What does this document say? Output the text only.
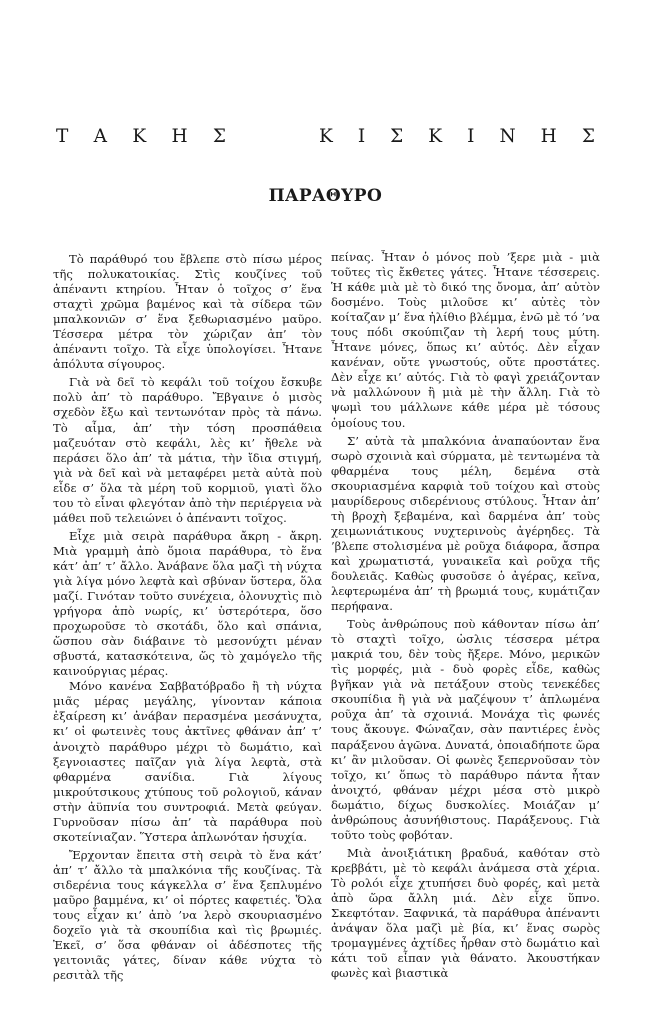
Τ Α Κ Η Σ	Κ Ι Σ Κ Ι Ν Η Σ
ΠΑΡΑΘΥΡΟ

Τὸ παράθυρό του ἔβλεπε στὸ πίσω μέρος τῆς πολυκατοικίας. Στὶς κουζίνες τοῦ ἀπέναντι κτηρίου. Ἦταν ὁ τοῖχος σ’ ἕνα σταχτὶ χρῶμα βαμένος καὶ τὰ σίδερα τῶν μπαλκονιῶν σ’ ἕνα ξεθωριασμένο μαῦρο. Τέσσερα μέτρα τὸν χώριζαν ἀπ’ τὸν ἀπέναντι τοῖχο. Τὰ εἶχε ὑπολογίσει. Ἦτανε ἀπόλυτα σίγουρος.

Γιὰ νὰ δεῖ τὸ κεφάλι τοῦ τοίχου ἔσκυβε πολὺ ἀπ’ τὸ παράθυρο. Ἔβγαινε ὁ μισὸς σχεδὸν ἔξω καὶ τεντωνόταν πρὸς τὰ πάνω. Τὸ αἷμα, ἀπ’ τὴν τόση προσπάθεια μαζευόταν στὸ κεφάλι, λὲς κι’ ἤθελε νὰ περάσει ὅλο ἀπ’ τὰ μάτια, τὴν ἴδια στιγμή, γιὰ νὰ δεῖ καὶ νὰ μεταφέρει μετὰ αὐτὰ ποὺ εἶδε σ’ ὅλα τὰ μέρη τοῦ κορμιοῦ, γιατὶ ὅλο του τὸ εἶναι φλεγόταν ἀπὸ τὴν περιέργεια νὰ μάθει ποῦ τελειώνει ὁ ἀπέναντι τοῖχος.

Εἶχε μιὰ σειρὰ παράθυρα ἄκρη - ἄκρη. Μιὰ γραμμὴ ἀπὸ ὅμοια παράθυρα, τὸ ἕνα κάτ’ ἀπ’ τ’ ἄλλο. Ἀνάβανε ὅλα μαζὶ τὴ νύχτα γιὰ λίγα μόνο λεφτὰ καὶ σβύναν ὕστερα, ὅλα μαζί. Γινόταν τοῦτο συνέχεια, ὁλονυχτὶς πιὸ γρήγορα ἀπὸ νωρίς, κι’ ὑστερότερα, ὅσο προχωροῦσε τὸ σκοτάδι, ὅλο καὶ σπάνια, ὥσπου σὰν διάβαινε τὸ μεσονύχτι μέναν σβυστά, κατασκότεινα, ὥς τὸ χαμόγελο τῆς καινούργιας μέρας.

Μόνο κανένα Σαββατόβραδο ἢ τὴ νύχτα μιᾶς μέρας μεγάλης, γίνονταν κάποια ἐξαίρεση κι’ ἀνάβαν περασμένα μεσάνυχτα, κι’ οἱ φωτεινὲς τους ἀκτῖνες φθάναν ἀπ’ τ’ ἀνοιχτὸ παράθυρο μέχρι τὸ δωμάτιο, καὶ ξεγνοιαστες παῖζαν γιὰ λίγα λεφτὰ, στὰ φθαρμένα σανίδια. Γιὰ λίγους μικρούτσικους χτύπους τοῦ ρολογιοῦ, κάναν στὴν ἀϋπνία του συντροφιά. Μετὰ φεύγαν. Γυρνοῦσαν πίσω ἀπ’ τὰ παράθυρα ποὺ σκοτείνιαζαν. Ὕστερα ἀπλωνόταν ἡσυχία.

Ἔρχονταν ἔπειτα στὴ σειρὰ τὸ ἕνα κάτ’ ἀπ’ τ’ ἄλλο τὰ μπαλκόνια τῆς κουζίνας. Τὰ σιδερένια τους κάγκελλα σ’ ἕνα ξεπλυμένο μαῦρο βαμμένα, κι’ οἱ πόρτες καφετιές. Ὅλα τους εἶχαν κι’ ἀπὸ ’να λερὸ σκουριασμένο δοχεῖο γιὰ τὰ σκουπίδια καὶ τὶς βρωμιές. Ἐκεῖ, σ’ ὅσα φθάναν οἱ ἀδέσποτες τῆς γειτονιᾶς γάτες, δίναν κάθε νύχτα τὸ ρεσιτὰλ τῆς

πείνας. Ἦταν ὁ μόνος ποὺ ’ξερε μιὰ - μιὰ τοῦτες τὶς ἔκθετες γάτες. Ἦτανε τέσσερεις. Ἡ κάθε μιὰ μὲ τὸ δικό της ὄνομα, ἀπ’ αὐτὸν δοσμένο. Τοὺς μιλοῦσε κι’ αὐτὲς τὸν κοίταζαν μ’ ἕνα ἠλίθιο βλέμμα, ἐνῶ μὲ τό ’να τους πόδι σκούπιζαν τὴ λερή τους μύτη. Ἦτανε μόνες, ὅπως κι’ αὐτός. Δὲν εἶχαν κανέναν, οὔτε γνωστούς, οὔτε προστάτες. Δὲν εἶχε κι’ αὐτός. Γιὰ τὸ φαγὶ χρειάζονταν νὰ μαλλώνουν ἢ μιὰ μὲ τὴν ἄλλη. Γιὰ τὸ ψωμὶ του μάλλωνε κάθε μέρα μὲ τόσους ὁμοίους του.

Σ’ αὐτὰ τὰ μπαλκόνια ἀναπαύονταν ἕνα σωρὸ σχοινιὰ καὶ σύρματα, μὲ τεντωμένα τὰ φθαρμένα τους μέλη, δεμένα στὰ σκουριασμένα καρφιὰ τοῦ τοίχου καὶ στοὺς μαυρίδερους σιδερένιους στύλους. Ἦταν ἀπ’ τὴ βροχὴ ξεβαμένα, καὶ δαρμένα ἀπ’ τοὺς χειμωνιάτικους νυχτερινοὺς ἀγέρηδες. Τὰ ’βλεπε στολισμένα μὲ ροῦχα διάφορα, ἄσπρα καὶ χρωματιστά, γυναικεῖα καὶ ροῦχα τῆς δουλειᾶς. Καθὼς φυσοῦσε ὁ ἀγέρας, κεῖνα, λεφτερωμένα ἀπ’ τὴ βρωμιά τους, κυμάτιζαν περήφανα.

Τοὺς ἀνθρώπους ποὺ κάθονταν πίσω ἀπ’ τὸ σταχτὶ τοῖχο, ὡσλις τέσσερα μέτρα μακριά του, δὲν τοὺς ἤξερε. Μόνο, μερικῶν τὶς μορφές, μιὰ - δυὸ φορὲς εἶδε, καθὼς βγῆκαν γιὰ νὰ πετάξουν στοὺς τενεκέδες σκουπίδια ἢ γιὰ νὰ μαζέψουν τ’ ἁπλωμένα ροῦχα ἀπ’ τὰ σχοινιά. Μονάχα τὶς φωνές τους ἄκουγε. Φώναζαν, σὰν παντιέρες ἑνὸς παράξενου ἀγῶνα. Δυνατά, ὁποιαδήποτε ὥρα κι’ ἂν μιλοῦσαν. Οἱ φωνὲς ξεπερνοῦσαν τὸν τοῖχο, κι’ ὅπως τὸ παράθυρο πάντα ἦταν ἀνοιχτό, φθάναν μέχρι μέσα στὸ μικρὸ δωμάτιο, δίχως δυσκολίες. Μοιάζαν μ’ ἀνθρώπους ἀσυνήθιστους. Παράξενους. Γιὰ τοῦτο τοὺς φοβόταν.

Μιὰ ἀνοιξιάτικη βραδυά, καθόταν στὸ κρεββάτι, μὲ τὸ κεφάλι ἀνάμεσα στὰ χέρια. Τὸ ρολόι εἶχε χτυπήσει δυὸ φορές, καὶ μετὰ ἀπὸ ὥρα ἄλλη μιά. Δὲν εἶχε ὕπνο. Σκεφτόταν. Ξαφνικά, τὰ παράθυρα ἀπέναντι ἀνάψαν ὅλα μαζὶ μὲ βία, κι’ ἕνας σωρὸς τρομαγμένες ἀχτίδες ἦρθαν στὸ δωμάτιο καὶ κάτι τοῦ εἶπαν γιὰ θάνατο. Ἀκουστήκαν φωνὲς καὶ βιαστικὰ
